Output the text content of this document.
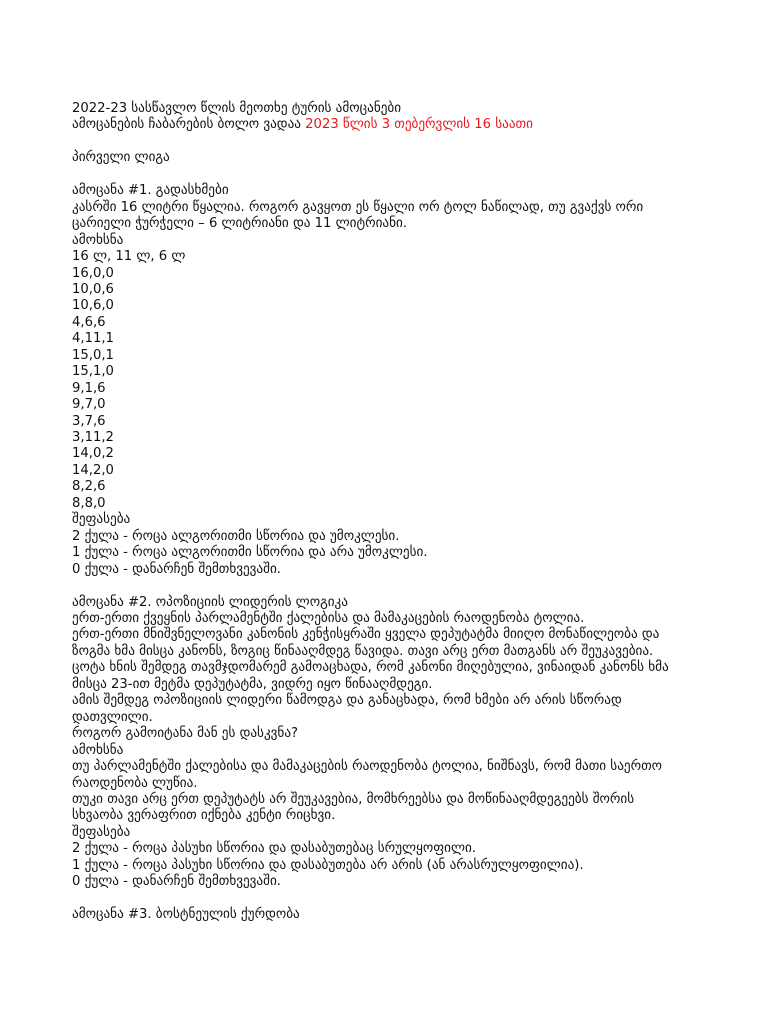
2022-23 სასწავლო წლის მეოთხე ტურის ამოცანები
ამოცანების ჩაბარების ბოლო ვადაა 2023 წლის 3 თებერვლის 16 საათი
პირველი ლიგა
ამოცანა #1. გადასხმები
კასრში 16 ლიტრი წყალია. როგორ გავყოთ ეს წყალი ორ ტოლ ნაწილად, თუ გვაქვს ორი
ცარიელი ჭურჭელი – 6 ლიტრიანი და 11 ლიტრიანი.
ამოხსნა
16 ლ, 11 ლ, 6 ლ
16,0,0
10,0,6
10,6,0
4,6,6
4,11,1
15,0,1
15,1,0
9,1,6
9,7,0
3,7,6
3,11,2
14,0,2
14,2,0
8,2,6
8,8,0
შეფასება
2 ქულა - როცა ალგორითმი სწორია და უმოკლესი.
1 ქულა - როცა ალგორითმი სწორია და არა უმოკლესი.
0 ქულა - დანარჩენ შემთხვევაში.
ამოცანა #2. ოპოზიციის ლიდერის ლოგიკა
ერთ-ერთი ქვეყნის პარლამენტში ქალებისა და მამაკაცების რაოდენობა ტოლია.
ერთ-ერთი მნიშვნელოვანი კანონის კენჭისყრაში ყველა დეპუტატმა მიიღო მონაწილეობა და
ზოგმა ხმა მისცა კანონს, ზოგიც წინააღმდეგ წავიდა. თავი არც ერთ მათგანს არ შეუკავებია.
ცოტა ხნის შემდეგ თავმჯდომარემ გამოაცხადა, რომ კანონი მიღებულია, ვინაიდან კანონს ხმა
მისცა 23-ით მეტმა დეპუტატმა, ვიდრე იყო წინააღმდეგი.
ამის შემდეგ ოპოზიციის ლიდერი წამოდგა და განაცხადა, რომ ხმები არ არის სწორად
დათვლილი.
როგორ გამოიტანა მან ეს დასკვნა?
ამოხსნა
თუ პარლამენტში ქალებისა და მამაკაცების რაოდენობა ტოლია, ნიშნავს, რომ მათი საერთო
რაოდენობა ლუწია.
თუკი თავი არც ერთ დეპუტატს არ შეუკავებია, მომხრეებსა და მოწინააღმდეგეებს შორის
სხვაობა ვერაფრით იქნება კენტი რიცხვი.
შეფასება
2 ქულა - როცა პასუხი სწორია და დასაბუთებაც სრულყოფილი.
1 ქულა - როცა პასუხი სწორია და დასაბუთება არ არის (ან არასრულყოფილია).
0 ქულა - დანარჩენ შემთხვევაში.
ამოცანა #3. ბოსტნეულის ქურდობა
